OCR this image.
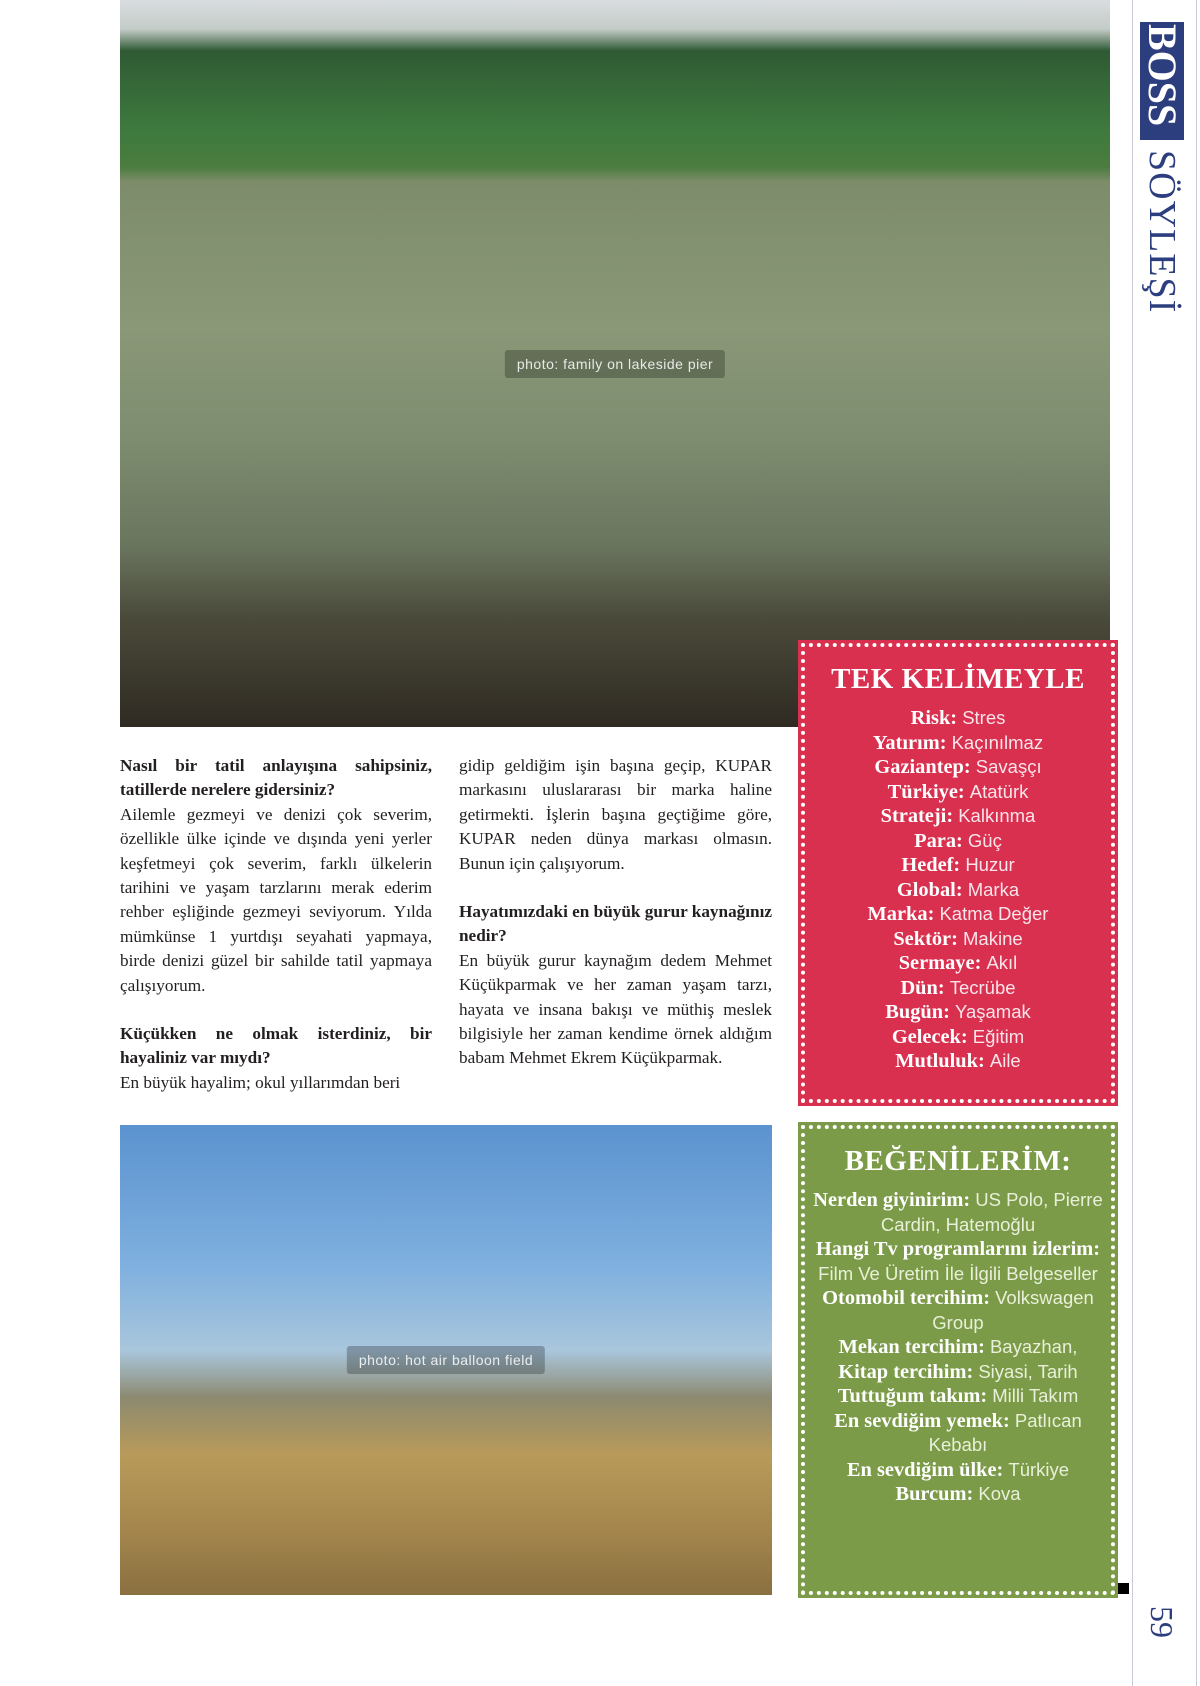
photo: family on lakeside pier
photo: hot air balloon field
BOSS
SÖYLEŞİ
59
Nasıl bir tatil anlayışına sahipsiniz, tatillerde nerelere gidersiniz?
Ailemle gezmeyi ve denizi çok severim, özellikle ülke içinde ve dışında yeni yerler keşfetmeyi çok severim, farklı ülkelerin tarihini ve yaşam tarzlarını merak ederim rehber eşliğinde gezmeyi seviyorum. Yılda mümkünse 1 yurtdışı seyahati yapmaya, birde denizi güzel bir sahilde tatil yapmaya çalışıyorum.
Küçükken ne olmak isterdiniz, bir hayaliniz var mıydı?
En büyük hayalim; okul yıllarımdan beri
gidip geldiğim işin başına geçip, KUPAR markasını uluslararası bir marka haline getirmekti. İşlerin başına geçtiğime göre, KUPAR neden dünya markası olmasın. Bunun için çalışıyorum.
Hayatımızdaki en büyük gurur kaynağınız nedir?
En büyük gurur kaynağım dedem Mehmet Küçükparmak ve her zaman yaşam tarzı, hayata ve insana bakışı ve müthiş meslek bilgisiyle her zaman kendime örnek aldığım babam Mehmet Ekrem Küçükparmak.
TEK KELİMEYLE
Risk: Stres
Yatırım: Kaçınılmaz
Gaziantep: Savaşçı
Türkiye: Atatürk
Strateji: Kalkınma
Para: Güç
Hedef: Huzur
Global: Marka
Marka: Katma Değer
Sektör: Makine
Sermaye: Akıl
Dün: Tecrübe
Bugün: Yaşamak
Gelecek: Eğitim
Mutluluk: Aile
BEĞENİLERİM:
Nerden giyinirim: US Polo, Pierre Cardin, Hatemoğlu
Hangi Tv programlarını izlerim: Film Ve Üretim İle İlgili Belgeseller
Otomobil tercihim: Volkswagen Group
Mekan tercihim: Bayazhan,
Kitap tercihim: Siyasi, Tarih
Tuttuğum takım: Milli Takım
En sevdiğim yemek: Patlıcan Kebabı
En sevdiğim ülke: Türkiye
Burcum: Kova
